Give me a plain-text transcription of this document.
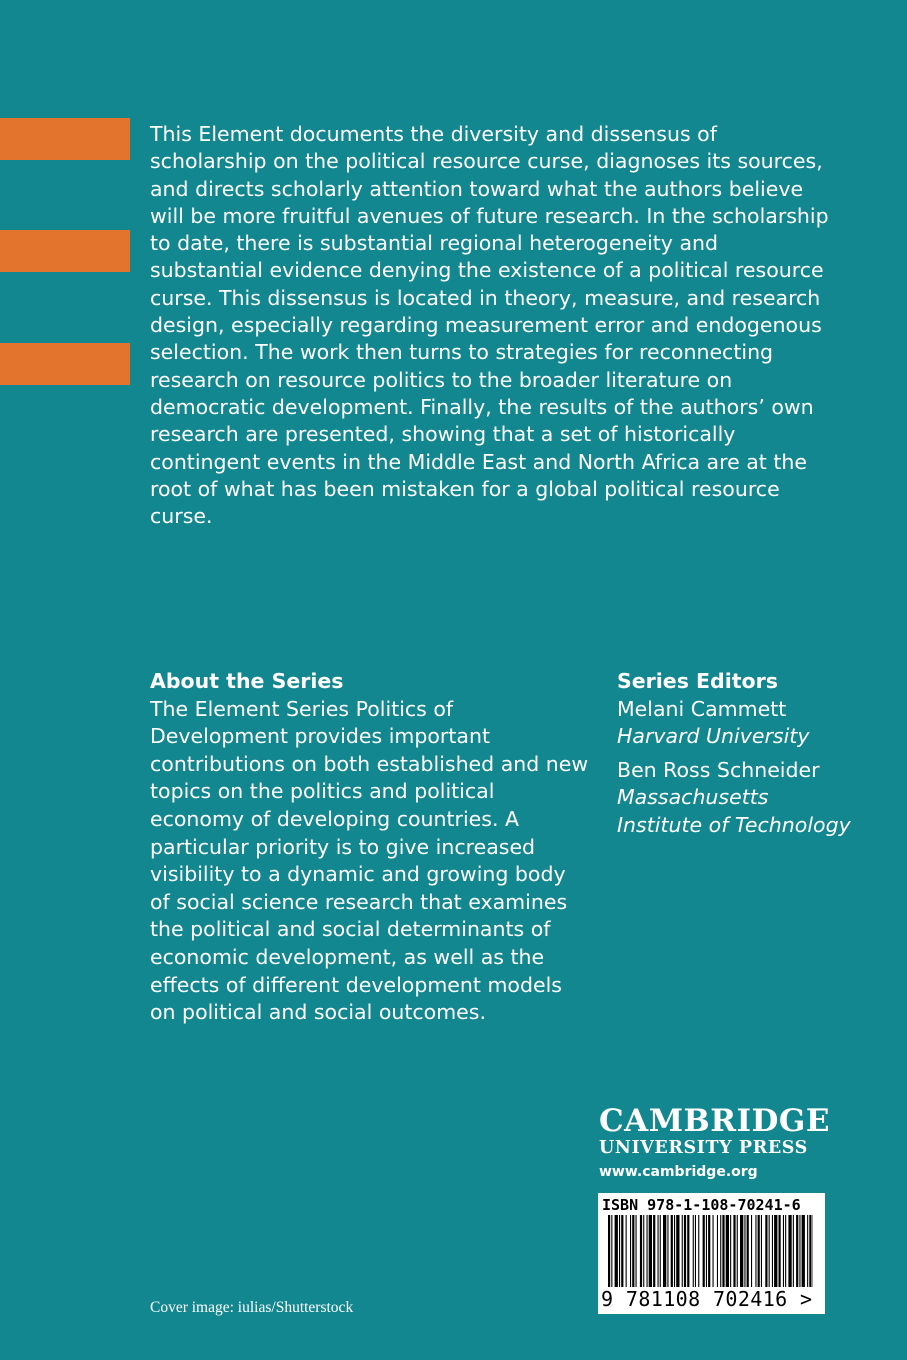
This Element documents the diversity and dissensus of scholarship on the political resource curse, diagnoses its sources, and directs scholarly attention toward what the authors believe will be more fruitful avenues of future research. In the scholarship to date, there is substantial regional heterogeneity and substantial evidence denying the existence of a political resource curse. This dissensus is located in theory, measure, and research design, especially regarding measurement error and endogenous selection. The work then turns to strategies for reconnecting research on resource politics to the broader literature on democratic development. Finally, the results of the authors’ own research are presented, showing that a set of historically contingent events in the Middle East and North Africa are at the root of what has been mistaken for a global political resource curse.

About the Series

The Element Series Politics of Development provides important contributions on both established and new topics on the politics and political economy of developing countries. A particular priority is to give increased visibility to a dynamic and growing body of social science research that examines the political and social determinants of economic development, as well as the effects of different development models on political and social outcomes.

Series Editors
Melani Cammett
Harvard University
Ben Ross Schneider
Massachusetts Institute of Technology
CAMBRIDGE
UNIVERSITY PRESS
www.cambridge.org
ISBN 978-1-108-70241-6
9 781108 702416 >
Cover image: iulias/Shutterstock
